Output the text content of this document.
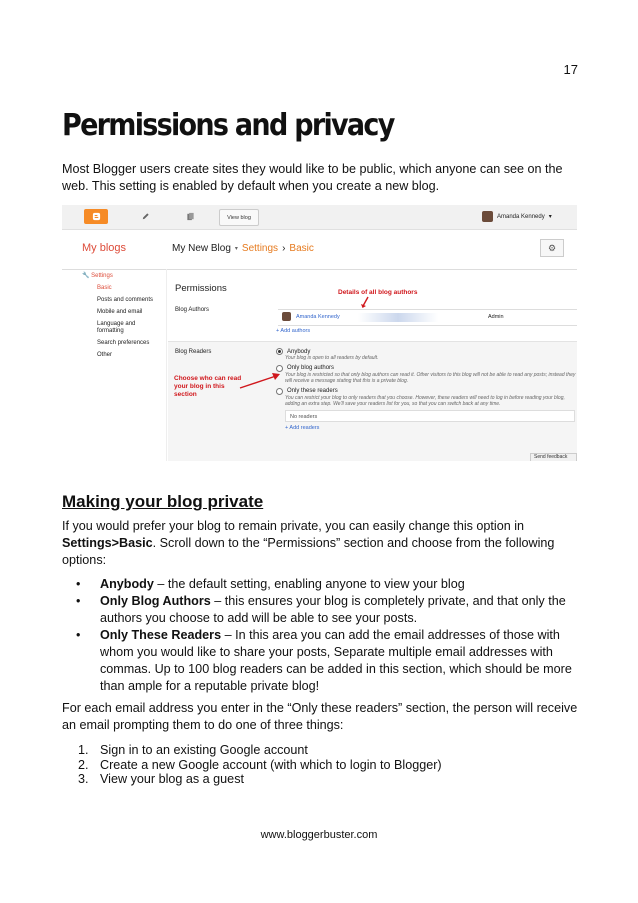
17
Permissions and privacy
Most Blogger users create sites they would like to be public, which anyone can see on the web. This setting is enabled by default when you create a new blog.
View blog	Amanda Kennedy ▾
My blogs	My New Blog ▾ Settings › Basic	⚙
🔧 Settings
Basic
Posts and comments
Mobile and email
Language and formatting
Search preferences
Other
Permissions
Blog Authors
Details of all blog authors
Amanda Kennedy	Admin
+ Add authors
Blog Readers
Choose who can read your blog in this section
Anybody
Your blog is open to all readers by default.
Only blog authors
Your blog is restricted so that only blog authors can read it. Other visitors to this blog will not be able to read any posts; instead they will receive a message stating that this is a private blog.
Only these readers
You can restrict your blog to only readers that you choose. However, these readers will need to log in before reading your blog, adding an extra step. We'll save your readers list for you, so that you can switch back at any time.
No readers
+ Add readers
Send feedback
Making your blog private
If you would prefer your blog to remain private, you can easily change this option in Settings>Basic. Scroll down to the “Permissions” section and choose from the following options:
• Anybody – the default setting, enabling anyone to view your blog
• Only Blog Authors – this ensures your blog is completely private, and that only the authors you choose to add will be able to see your posts.
• Only These Readers – In this area you can add the email addresses of those with whom you would like to share your posts, Separate multiple email addresses with commas. Up to 100 blog readers can be added in this section, which should be more than ample for a reputable private blog!
For each email address you enter in the “Only these readers” section, the person will receive an email prompting them to do one of three things:
1. Sign in to an existing Google account
2. Create a new Google account (with which to login to Blogger)
3. View your blog as a guest
www.bloggerbuster.com
